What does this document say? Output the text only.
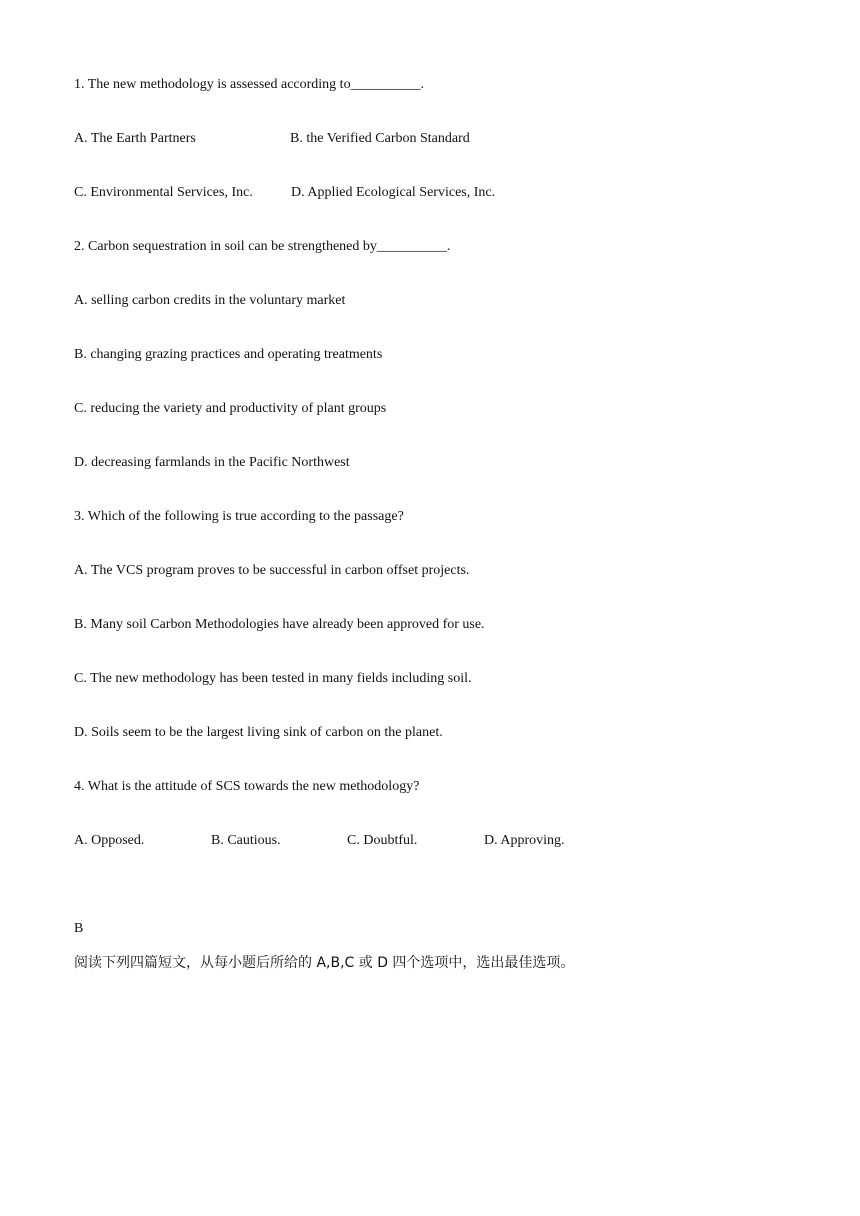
1. The new methodology is assessed according to__________.
A. The Earth Partners	B. the Verified Carbon Standard
C. Environmental Services, Inc.	D. Applied Ecological Services, Inc.
2. Carbon sequestration in soil can be strengthened by__________.
A. selling carbon credits in the voluntary market
B. changing grazing practices and operating treatments
C. reducing the variety and productivity of plant groups
D. decreasing farmlands in the Pacific Northwest
3. Which of the following is true according to the passage?
A. The VCS program proves to be successful in carbon offset projects.
B. Many soil Carbon Methodologies have already been approved for use.
C. The new methodology has been tested in many fields including soil.
D. Soils seem to be the largest living sink of carbon on the planet.
4. What is the attitude of SCS towards the new methodology?
A. Opposed.	B. Cautious.	C. Doubtful.	D. Approving.
B
阅读下列四篇短文，从每小题后所给的 A,B,C 或 D 四个选项中，选出最佳选项。
